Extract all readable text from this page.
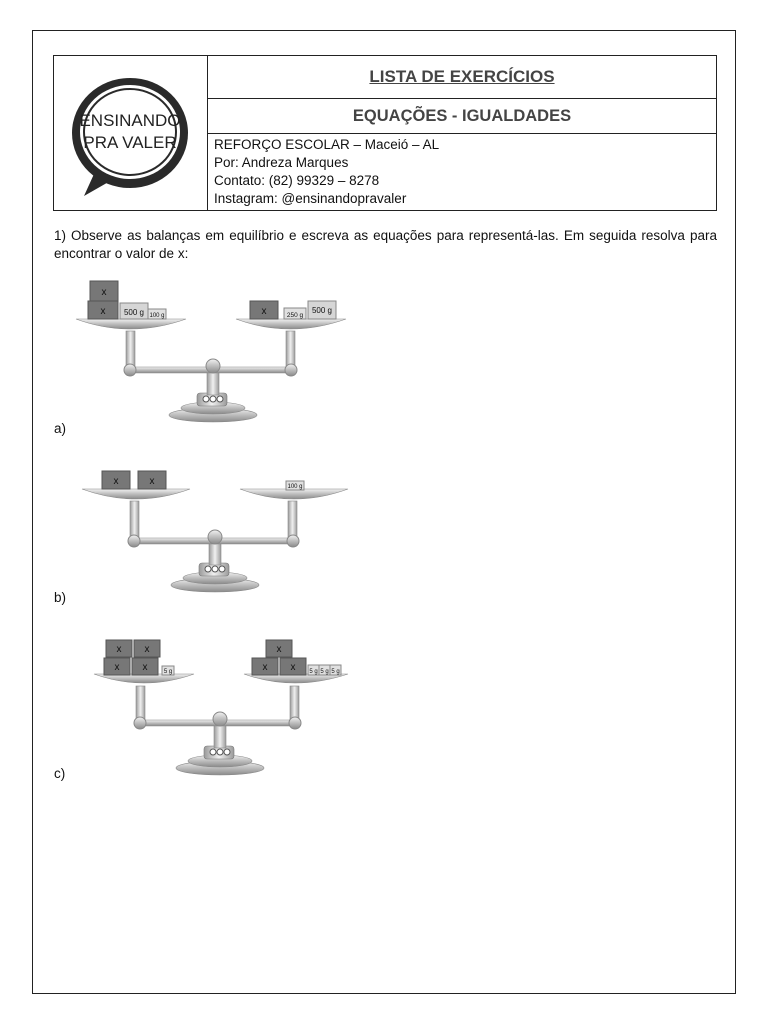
ENSINANDO
PRA VALER
LISTA DE EXERCÍCIOS
EQUAÇÕES - IGUALDADES
REFORÇO ESCOLAR – Maceió – AL
Por: Andreza Marques
Contato: (82) 99329 – 8278
Instagram: @ensinandopravaler
1) Observe as balanças em equilíbrio e escreva as equações para representá-las. Em seguida resolva para encontrar o valor de x:
x
x 500 g 100 g	x	250 g
500 g
a)
x	x	100 g
b)
x x
x x	5 g
x
x x 5 g 5 g 5 g
c)
